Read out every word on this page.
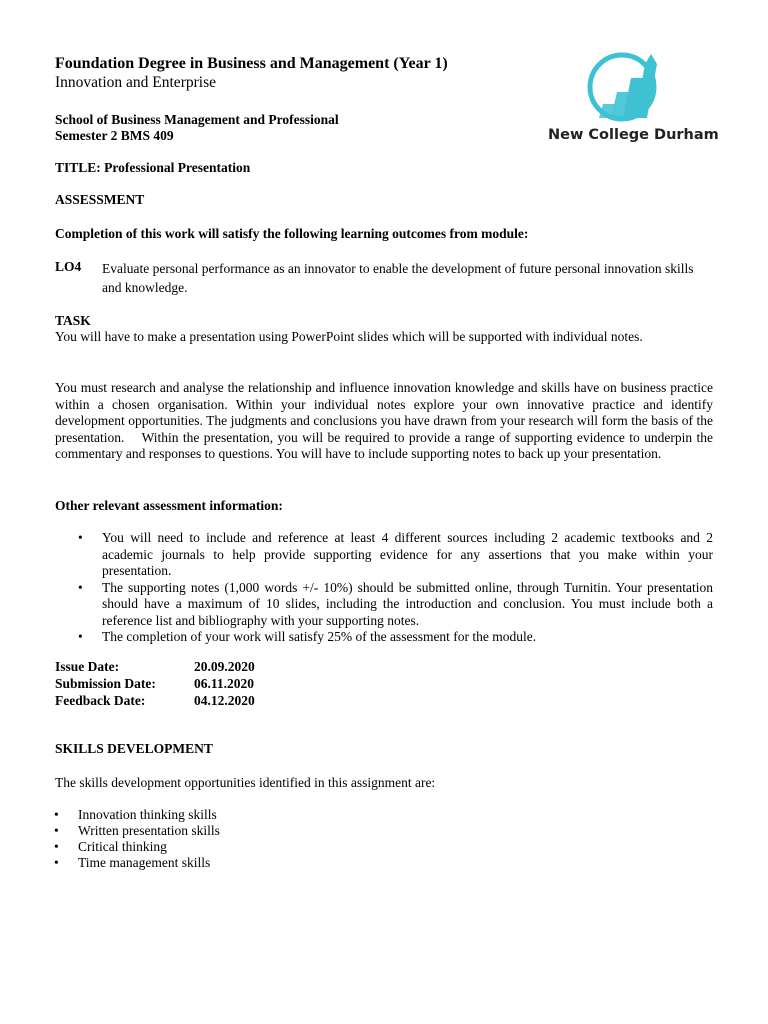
Foundation Degree in Business and Management (Year 1)
Innovation and Enterprise
School of Business Management and Professional
Semester 2 BMS 409
TITLE: Professional Presentation
ASSESSMENT
New College Durham
Completion of this work will satisfy the following learning outcomes from module:
LO4 Evaluate personal performance as an innovator to enable the development of future personal innovation skills and knowledge.
TASK
You will have to make a presentation using PowerPoint slides which will be supported with individual notes.
You must research and analyse the relationship and influence innovation knowledge and skills have on business practice within a chosen organisation. Within your individual notes explore your own innovative practice and identify development opportunities. The judgments and conclusions you have drawn from your research will form the basis of the presentation.    Within the presentation, you will be required to provide a range of supporting evidence to underpin the commentary and responses to questions. You will have to include supporting notes to back up your presentation.
Other relevant assessment information:
• You will need to include and reference at least 4 different sources including 2 academic textbooks and 2 academic journals to help provide supporting evidence for any assertions that you make within your presentation.
• The supporting notes (1,000 words +/- 10%) should be submitted online, through Turnitin. Your presentation should have a maximum of 10 slides, including the introduction and conclusion. You must include both a reference list and bibliography with your supporting notes.
• The completion of your work will satisfy 25% of the assessment for the module.
Issue Date:	20.09.2020
Submission Date:	06.11.2020
Feedback Date:	04.12.2020
SKILLS DEVELOPMENT
The skills development opportunities identified in this assignment are:
• Innovation thinking skills
• Written presentation skills
• Critical thinking
• Time management skills
